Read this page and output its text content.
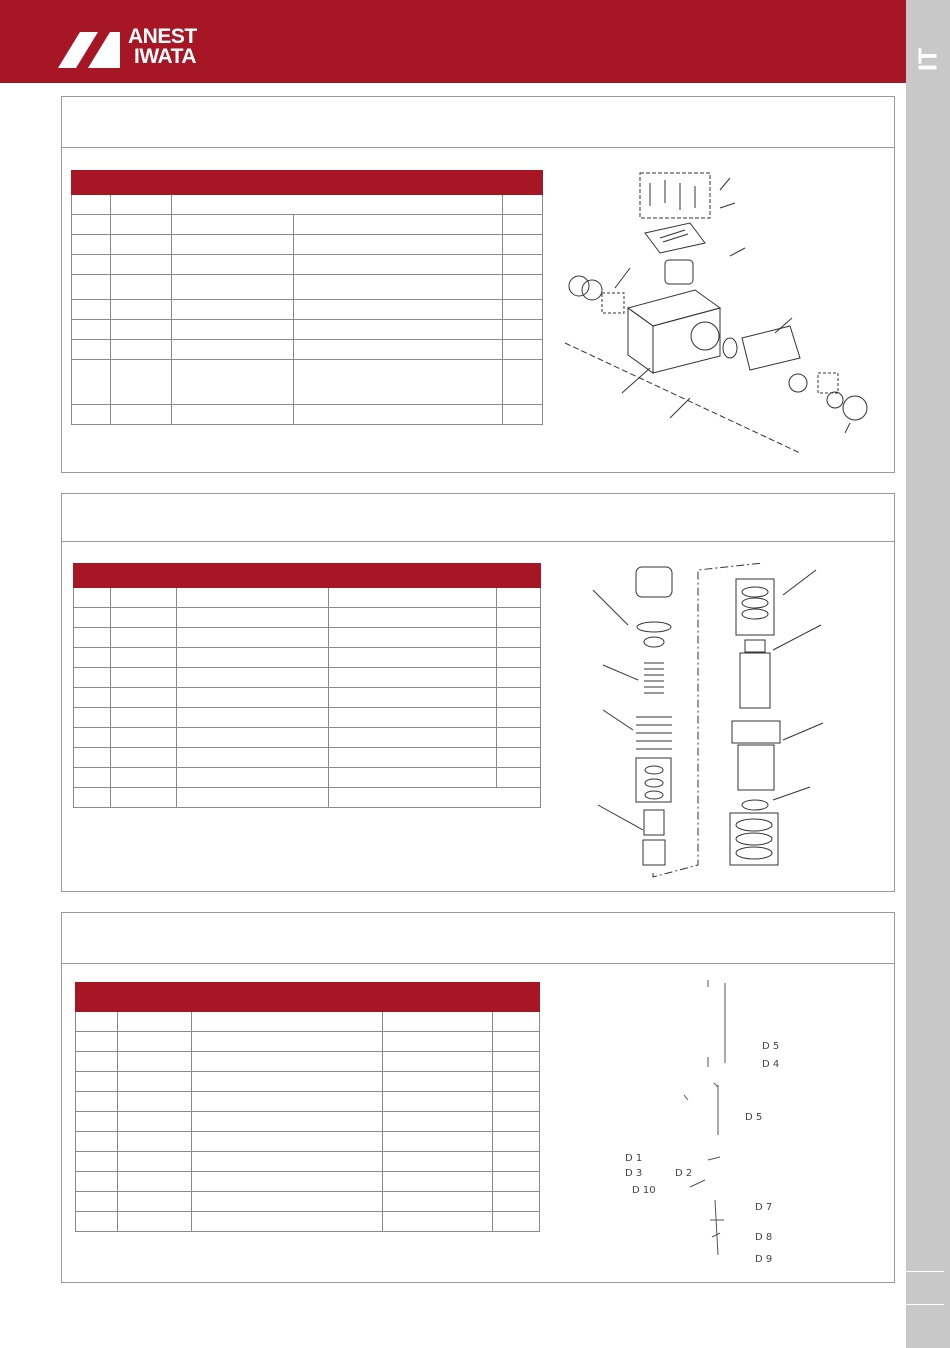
ANEST
IWATA	IT

D 5
D 4
D 5
D 1
D 3	D 2
D 10
D 7
D 8
D 9
